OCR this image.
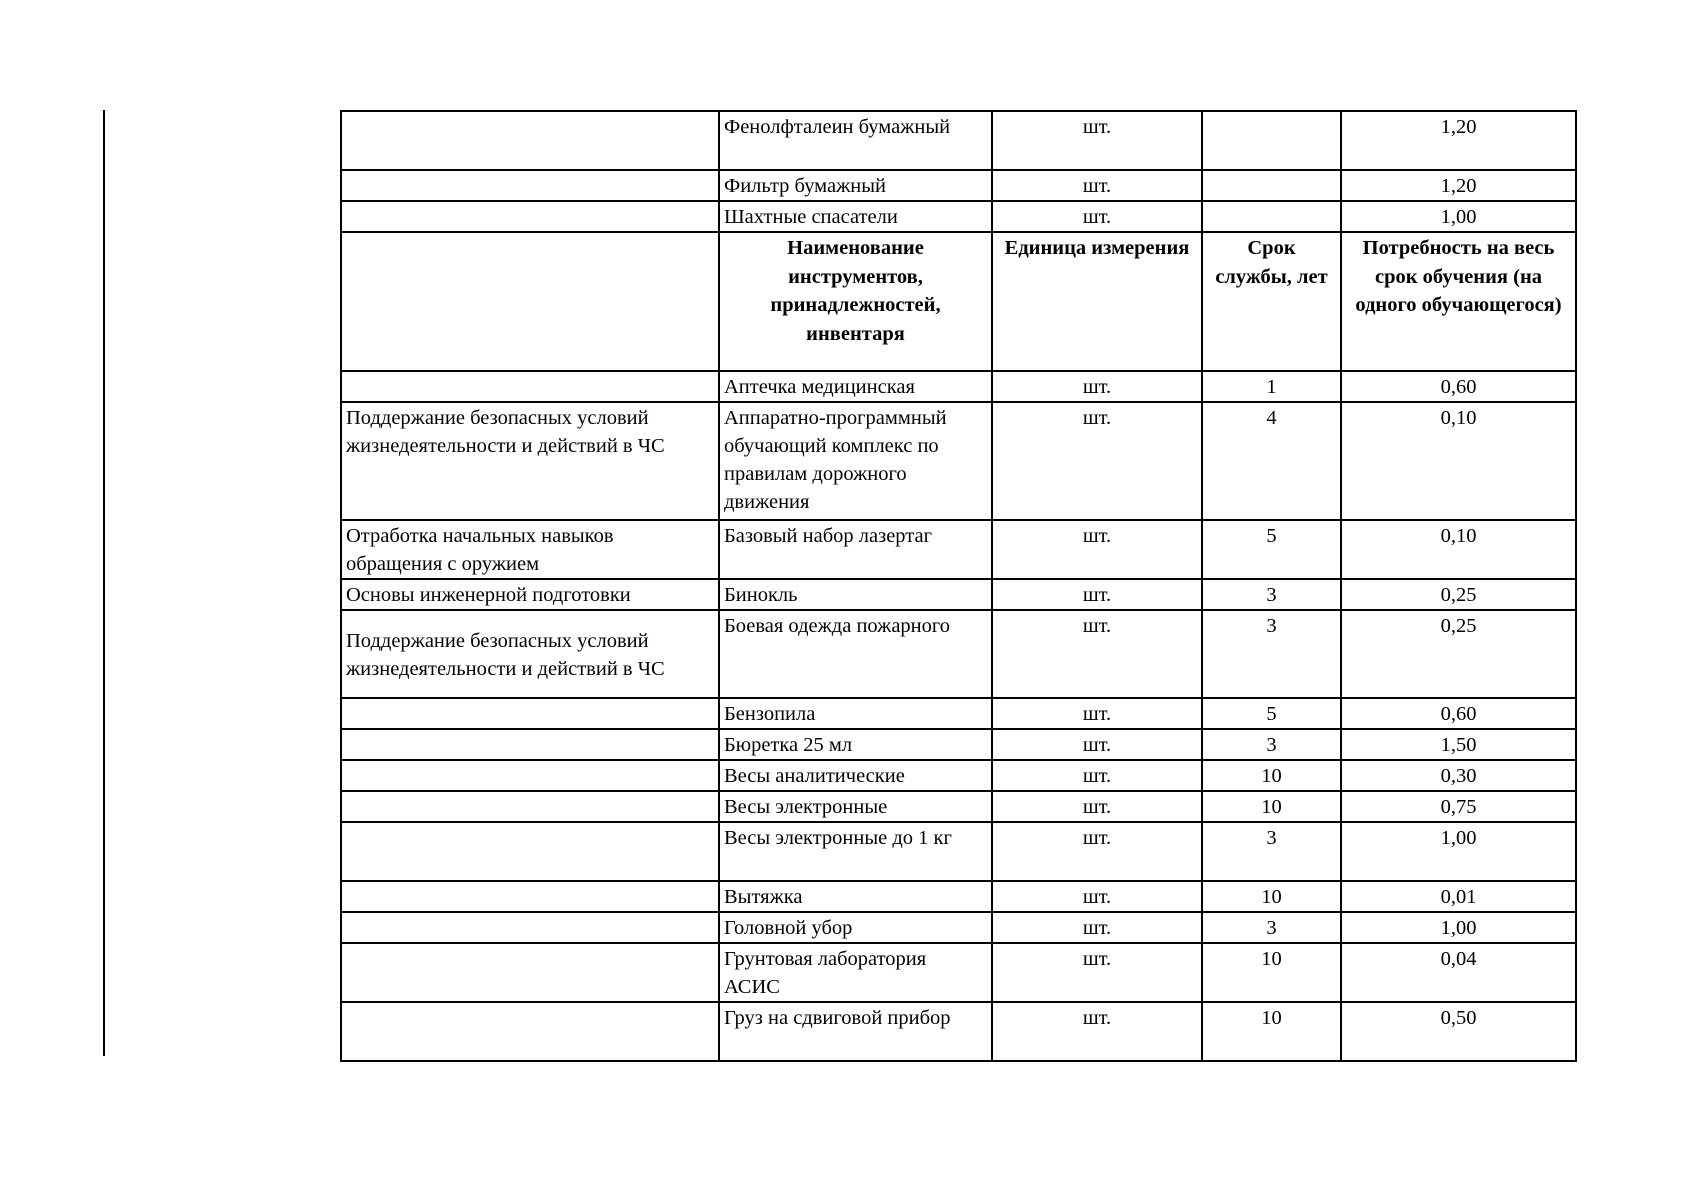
	Фенолфталеин бумажный	шт.		1,20
	Фильтр бумажный	шт.		1,20
	Шахтные спасатели	шт.		1,00
	Наименование инструментов, принадлежностей, инвентаря	Единица измерения	Срок службы, лет	Потребность на весь срок обучения (на одного обучающегося)
	Аптечка медицинская	шт.	1	0,60
Поддержание безопасных условий жизнедеятельности и действий в ЧС	Аппаратно-программный обучающий комплекс по правилам дорожного движения	шт.	4	0,10
Отработка начальных навыков обращения с оружием	Базовый набор лазертаг	шт.	5	0,10
Основы инженерной подготовки	Бинокль	шт.	3	0,25
Поддержание безопасных условий жизнедеятельности и действий в ЧС	Боевая одежда пожарного	шт.	3	0,25
	Бензопила	шт.	5	0,60
	Бюретка 25 мл	шт.	3	1,50
	Весы аналитические	шт.	10	0,30
	Весы электронные	шт.	10	0,75
	Весы электронные до 1 кг	шт.	3	1,00
	Вытяжка	шт.	10	0,01
	Головной убор	шт.	3	1,00
	Грунтовая лаборатория АСИС	шт.	10	0,04
	Груз на сдвиговой прибор	шт.	10	0,50
